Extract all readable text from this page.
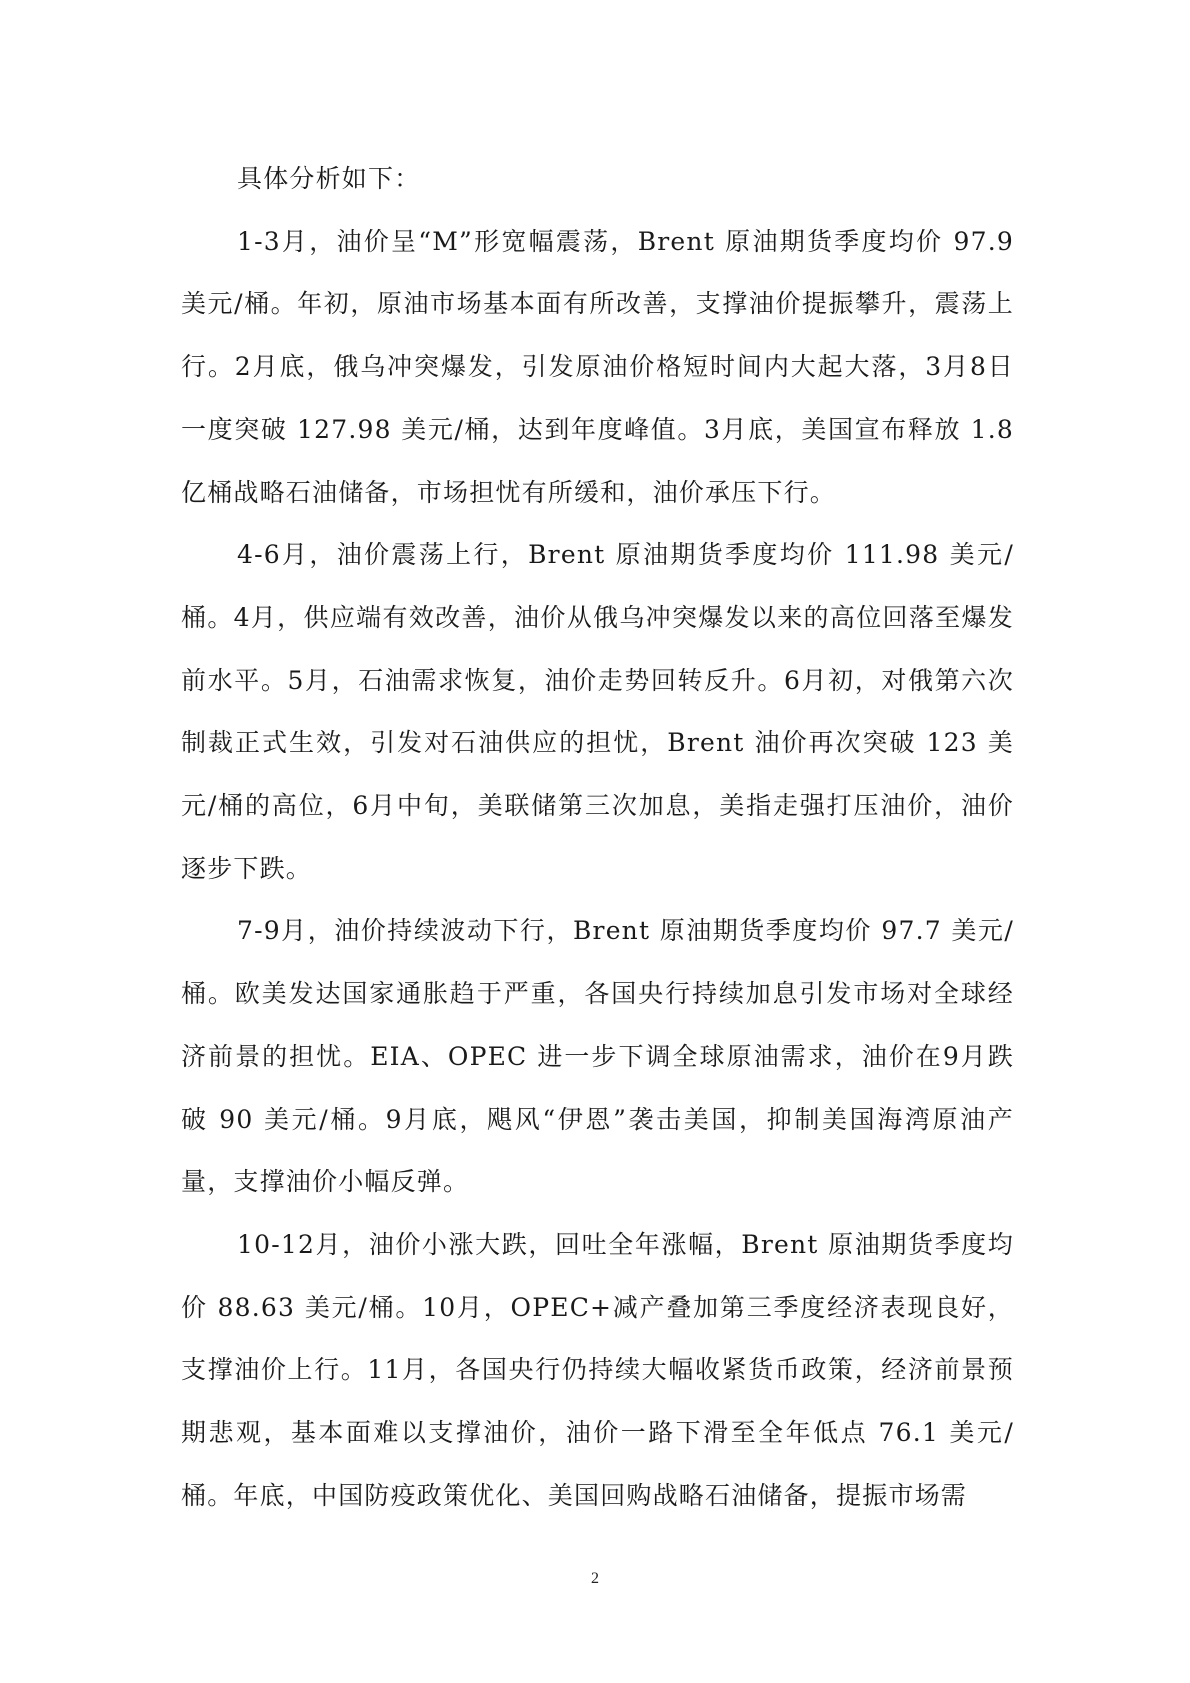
具体分析如下：

1-3月，油价呈“M”形宽幅震荡，Brent 原油期货季度均价 97.9 美元/桶。年初，原油市场基本面有所改善，支撑油价提振攀升，震荡上行。2月底，俄乌冲突爆发，引发原油价格短时间内大起大落，3月8日一度突破 127.98 美元/桶，达到年度峰值。3月底，美国宣布释放 1.8 亿桶战略石油储备，市场担忧有所缓和，油价承压下行。

4-6月，油价震荡上行，Brent 原油期货季度均价 111.98 美元/桶。4月，供应端有效改善，油价从俄乌冲突爆发以来的高位回落至爆发前水平。5月，石油需求恢复，油价走势回转反升。6月初，对俄第六次制裁正式生效，引发对石油供应的担忧，Brent 油价再次突破 123 美元/桶的高位，6月中旬，美联储第三次加息，美指走强打压油价，油价逐步下跌。

7-9月，油价持续波动下行，Brent 原油期货季度均价 97.7 美元/桶。欧美发达国家通胀趋于严重，各国央行持续加息引发市场对全球经济前景的担忧。EIA、OPEC 进一步下调全球原油需求，油价在9月跌破 90 美元/桶。9月底，飓风“伊恩”袭击美国，抑制美国海湾原油产量，支撑油价小幅反弹。

10-12月，油价小涨大跌，回吐全年涨幅，Brent 原油期货季度均价 88.63 美元/桶。10月，OPEC+减产叠加第三季度经济表现良好，支撑油价上行。11月，各国央行仍持续大幅收紧货币政策，经济前景预期悲观，基本面难以支撑油价，油价一路下滑至全年低点 76.1 美元/桶。年底，中国防疫政策优化、美国回购战略石油储备，提振市场需

2
